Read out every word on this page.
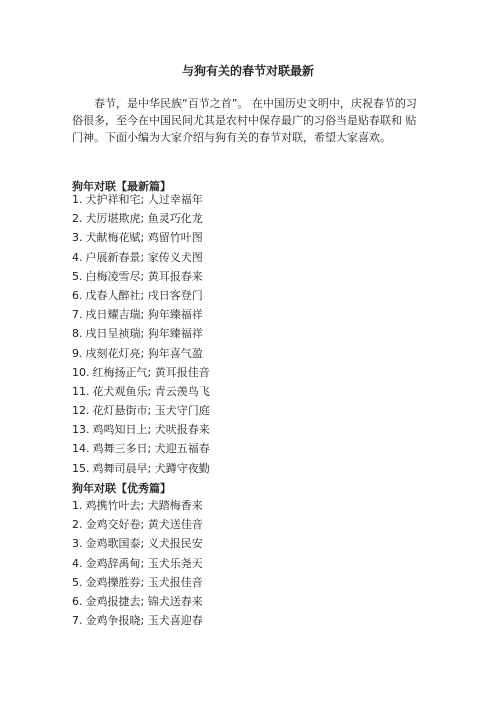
与狗有关的春节对联最新

春节，是中华民族“百节之首”。 在中国历史文明中，庆祝春节的习俗很多，至今在中国民间尤其是农村中保存最广的习俗当是贴春联和 贴门神。下面小编为大家介绍与狗有关的春节对联，希望大家喜欢。

狗年对联【最新篇】
1. 犬护祥和宅; 人过幸福年
2. 犬厉堪欺虎; 鱼灵巧化龙
3. 犬献梅花赋; 鸡留竹叶图
4. 户展新春景; 家传义犬图
5. 白梅凌雪尽; 黄耳报春来
6. 戊春人醉社; 戌日客登门
7. 戌日耀吉瑞; 狗年臻福祥
8. 戌日呈祯瑞; 狗年臻福祥
9. 戌刻花灯亮; 狗年喜气盈
10. 红梅扬正气; 黄耳报佳音
11. 花犬观鱼乐; 青云羡鸟飞
12. 花灯悬街市; 玉犬守门庭
13. 鸡鸣知日上; 犬吠报春来
14. 鸡舞三多日; 犬迎五福春
15. 鸡舞司晨早; 犬蹲守夜勤
狗年对联【优秀篇】
1. 鸡携竹叶去; 犬踏梅香来
2. 金鸡交好卷; 黄犬送佳音
3. 金鸡歌国泰; 义犬报民安
4. 金鸡辞禹甸; 玉犬乐尧天
5. 金鸡擽胜券; 玉犬报佳音
6. 金鸡报捷去; 锦犬送春来
7. 金鸡争报晓; 玉犬喜迎春
